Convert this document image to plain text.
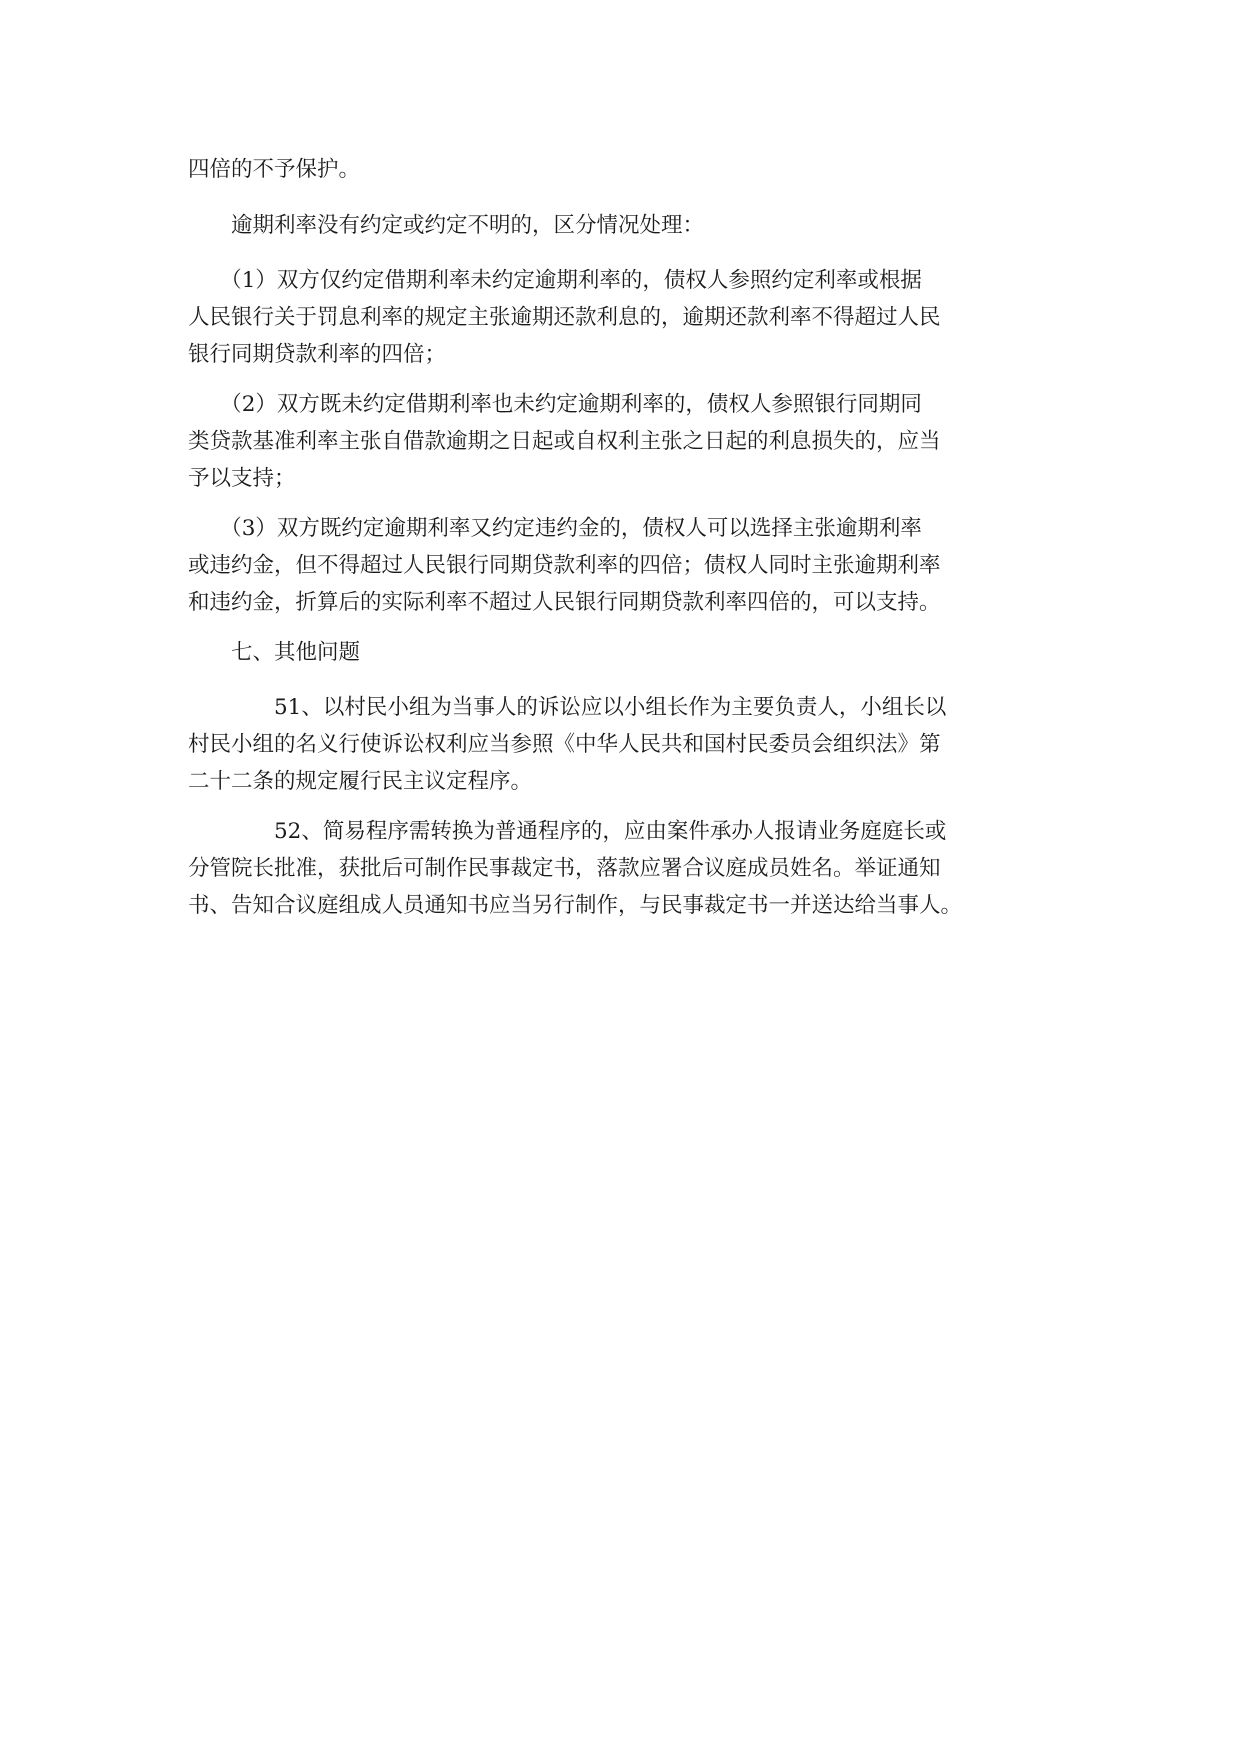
四倍的不予保护。

　　逾期利率没有约定或约定不明的，区分情况处理：

　　（1）双方仅约定借期利率未约定逾期利率的，债权人参照约定利率或根据
人民银行关于罚息利率的规定主张逾期还款利息的，逾期还款利率不得超过人民
银行同期贷款利率的四倍；

　　（2）双方既未约定借期利率也未约定逾期利率的，债权人参照银行同期同
类贷款基准利率主张自借款逾期之日起或自权利主张之日起的利息损失的，应当
予以支持；

　　（3）双方既约定逾期利率又约定违约金的，债权人可以选择主张逾期利率
或违约金，但不得超过人民银行同期贷款利率的四倍；债权人同时主张逾期利率
和违约金，折算后的实际利率不超过人民银行同期贷款利率四倍的，可以支持。

　　七、其他问题

　　　　51、以村民小组为当事人的诉讼应以小组长作为主要负责人，小组长以
村民小组的名义行使诉讼权利应当参照《中华人民共和国村民委员会组织法》第
二十二条的规定履行民主议定程序。

　　　　52、简易程序需转换为普通程序的，应由案件承办人报请业务庭庭长或
分管院长批准，获批后可制作民事裁定书，落款应署合议庭成员姓名。举证通知
书、告知合议庭组成人员通知书应当另行制作，与民事裁定书一并送达给当事人。
